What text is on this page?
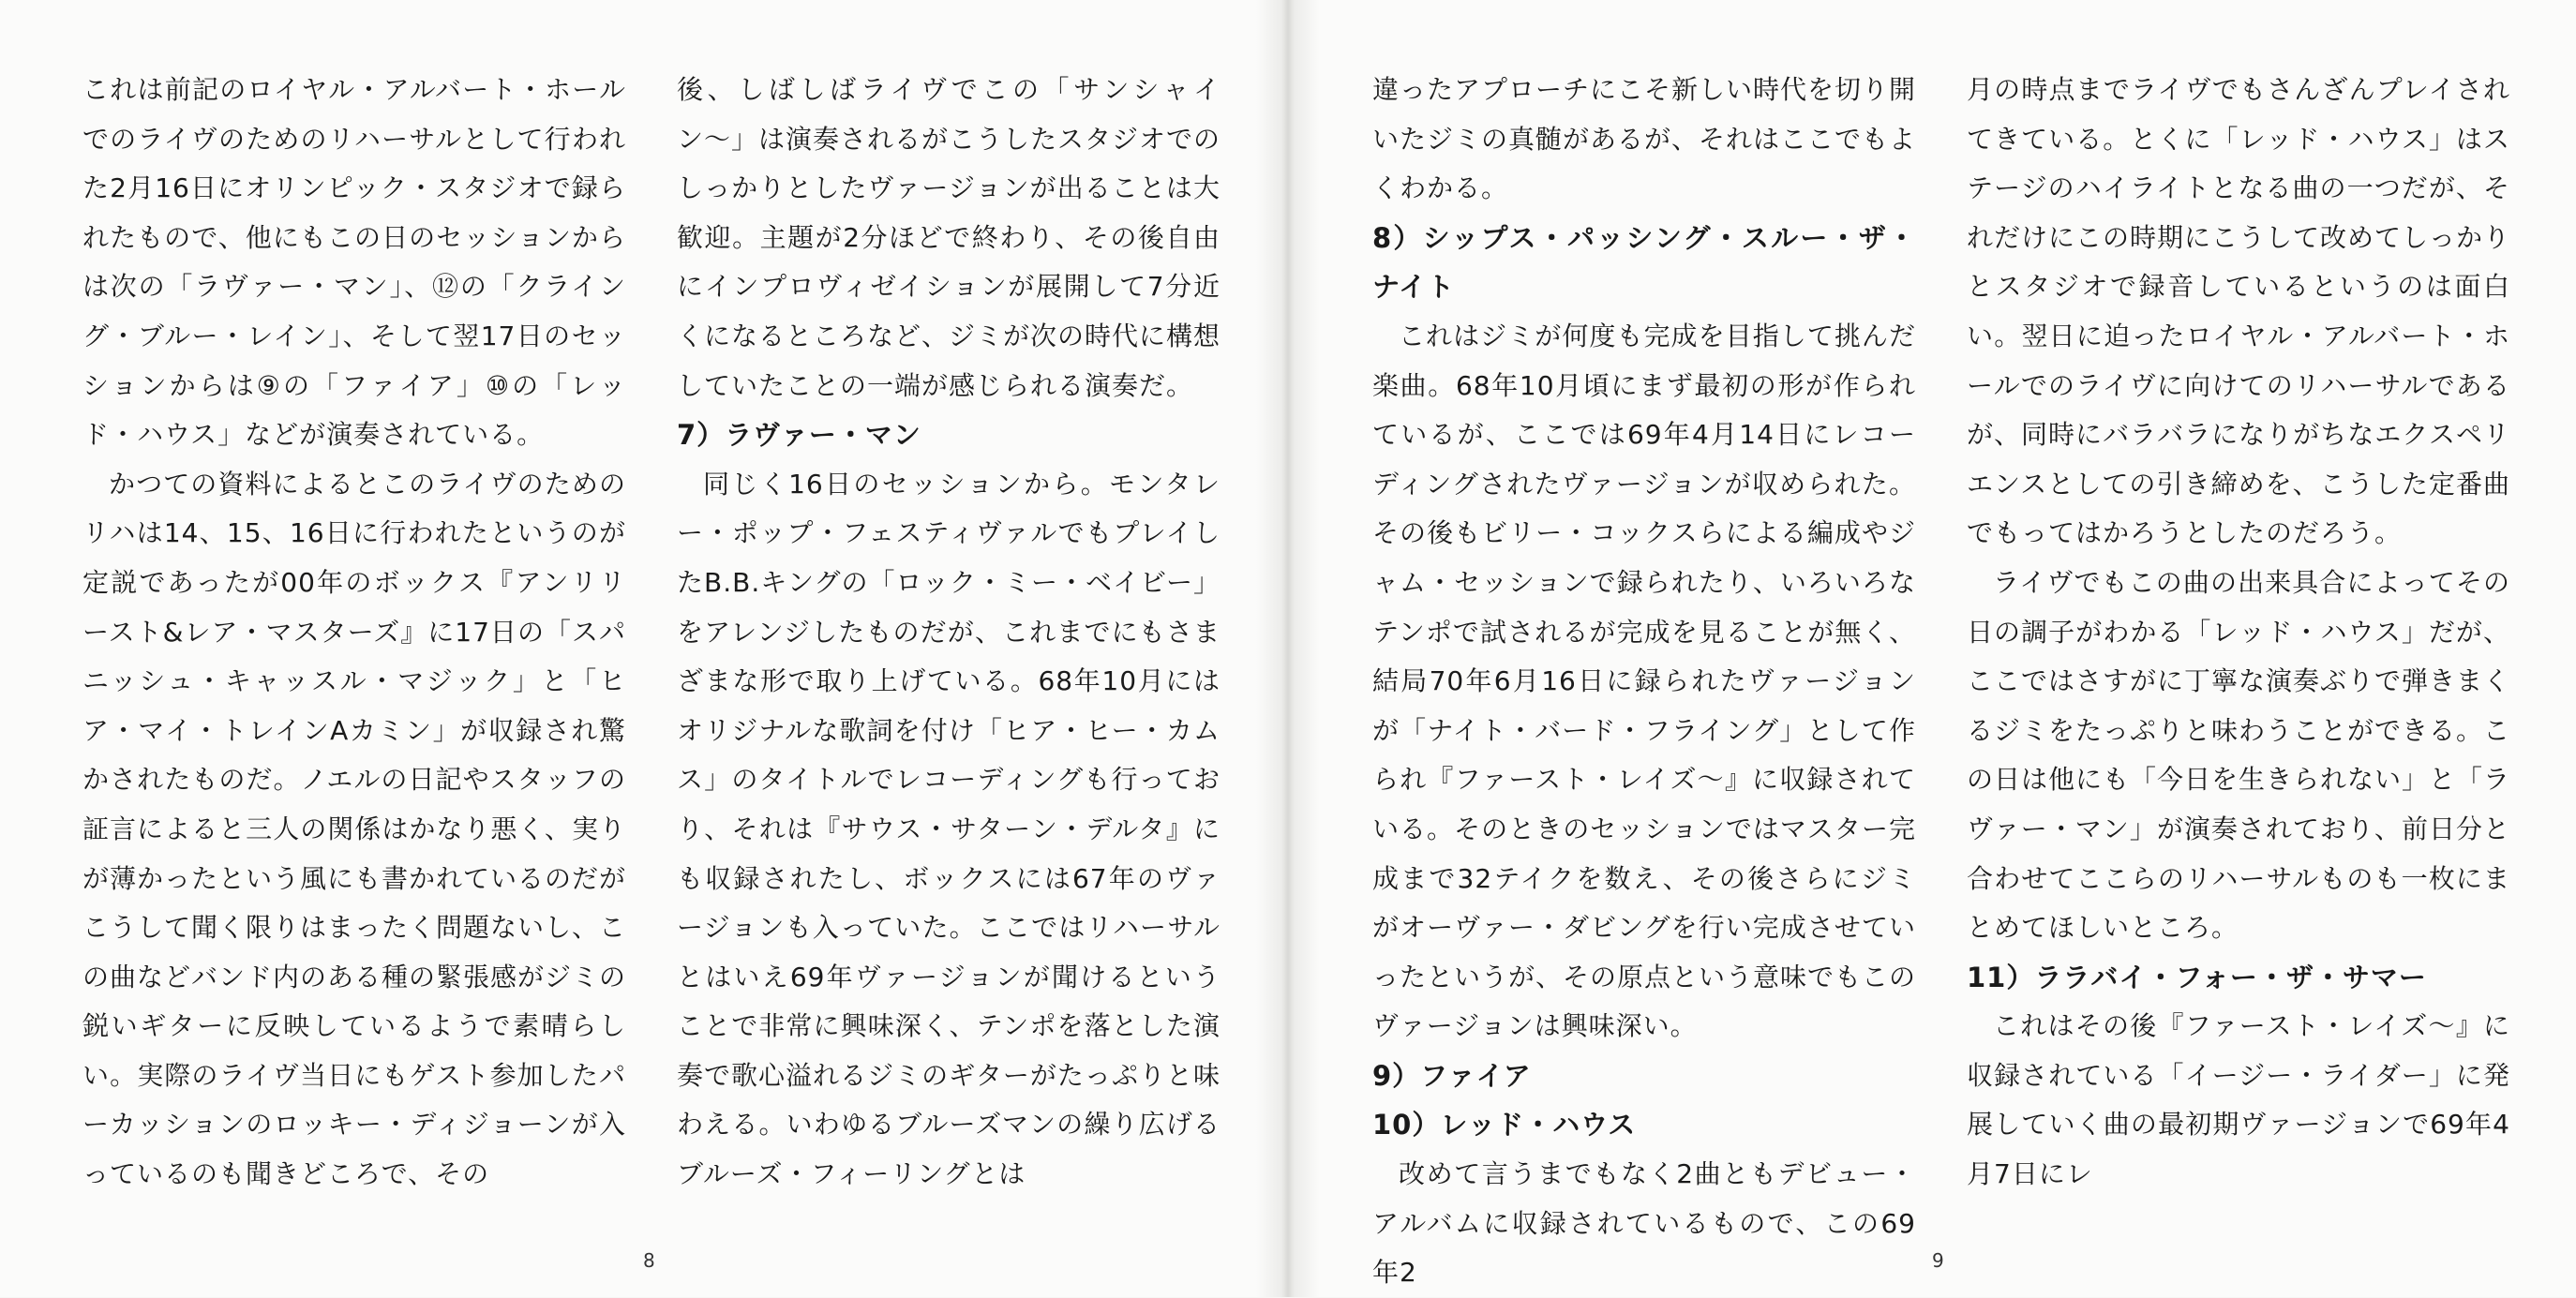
これは前記のロイヤル・アルバート・ホールでのライヴのためのリハーサルとして行われた2月16日にオリンピック・スタジオで録られたもので、他にもこの日のセッションからは次の「ラヴァー・マン」、⑫の「クライング・ブルー・レイン」、そして翌17日のセッションからは⑨の「ファイア」⑩の「レッド・ハウス」などが演奏されている。

かつての資料によるとこのライヴのためのリハは14、15、16日に行われたというのが定説であったが00年のボックス『アンリリースト&レア・マスターズ』に17日の「スパニッシュ・キャッスル・マジック」と「ヒア・マイ・トレインAカミン」が収録され驚かされたものだ。ノエルの日記やスタッフの証言によると三人の関係はかなり悪く、実りが薄かったという風にも書かれているのだがこうして聞く限りはまったく問題ないし、この曲などバンド内のある種の緊張感がジミの鋭いギターに反映しているようで素晴らしい。実際のライヴ当日にもゲスト参加したパーカッションのロッキー・ディジョーンが入っているのも聞きどころで、その

後、しばしばライヴでこの「サンシャイン〜」は演奏されるがこうしたスタジオでのしっかりとしたヴァージョンが出ることは大歓迎。主題が2分ほどで終わり、その後自由にインプロヴィゼイションが展開して7分近くになるところなど、ジミが次の時代に構想していたことの一端が感じられる演奏だ。

7）ラヴァー・マン

同じく16日のセッションから。モンタレー・ポップ・フェスティヴァルでもプレイしたB.B.キングの「ロック・ミー・ベイビー」をアレンジしたものだが、これまでにもさまざまな形で取り上げている。68年10月にはオリジナルな歌詞を付け「ヒア・ヒー・カムス」のタイトルでレコーディングも行っており、それは『サウス・サターン・デルタ』にも収録されたし、ボックスには67年のヴァージョンも入っていた。ここではリハーサルとはいえ69年ヴァージョンが聞けるということで非常に興味深く、テンポを落とした演奏で歌心溢れるジミのギターがたっぷりと味わえる。いわゆるブルーズマンの繰り広げるブルーズ・フィーリングとは

8

違ったアプローチにこそ新しい時代を切り開いたジミの真髄があるが、それはここでもよくわかる。

8）シップス・パッシング・スルー・ザ・ナイト

これはジミが何度も完成を目指して挑んだ楽曲。68年10月頃にまず最初の形が作られているが、ここでは69年4月14日にレコーディングされたヴァージョンが収められた。その後もビリー・コックスらによる編成やジャム・セッションで録られたり、いろいろなテンポで試されるが完成を見ることが無く、結局70年6月16日に録られたヴァージョンが「ナイト・バード・フライング」として作られ『ファースト・レイズ〜』に収録されている。そのときのセッションではマスター完成まで32テイクを数え、その後さらにジミがオーヴァー・ダビングを行い完成させていったというが、その原点という意味でもこのヴァージョンは興味深い。

9）ファイア
10）レッド・ハウス

改めて言うまでもなく2曲ともデビュー・アルバムに収録されているもので、この69年2

月の時点までライヴでもさんざんプレイされてきている。とくに「レッド・ハウス」はステージのハイライトとなる曲の一つだが、それだけにこの時期にこうして改めてしっかりとスタジオで録音しているというのは面白い。翌日に迫ったロイヤル・アルバート・ホールでのライヴに向けてのリハーサルであるが、同時にバラバラになりがちなエクスペリエンスとしての引き締めを、こうした定番曲でもってはかろうとしたのだろう。

ライヴでもこの曲の出来具合によってその日の調子がわかる「レッド・ハウス」だが、ここではさすがに丁寧な演奏ぶりで弾きまくるジミをたっぷりと味わうことができる。この日は他にも「今日を生きられない」と「ラヴァー・マン」が演奏されており、前日分と合わせてここらのリハーサルものも一枚にまとめてほしいところ。

11）ララバイ・フォー・ザ・サマー

これはその後『ファースト・レイズ〜』に収録されている「イージー・ライダー」に発展していく曲の最初期ヴァージョンで69年4月7日にレ

9
